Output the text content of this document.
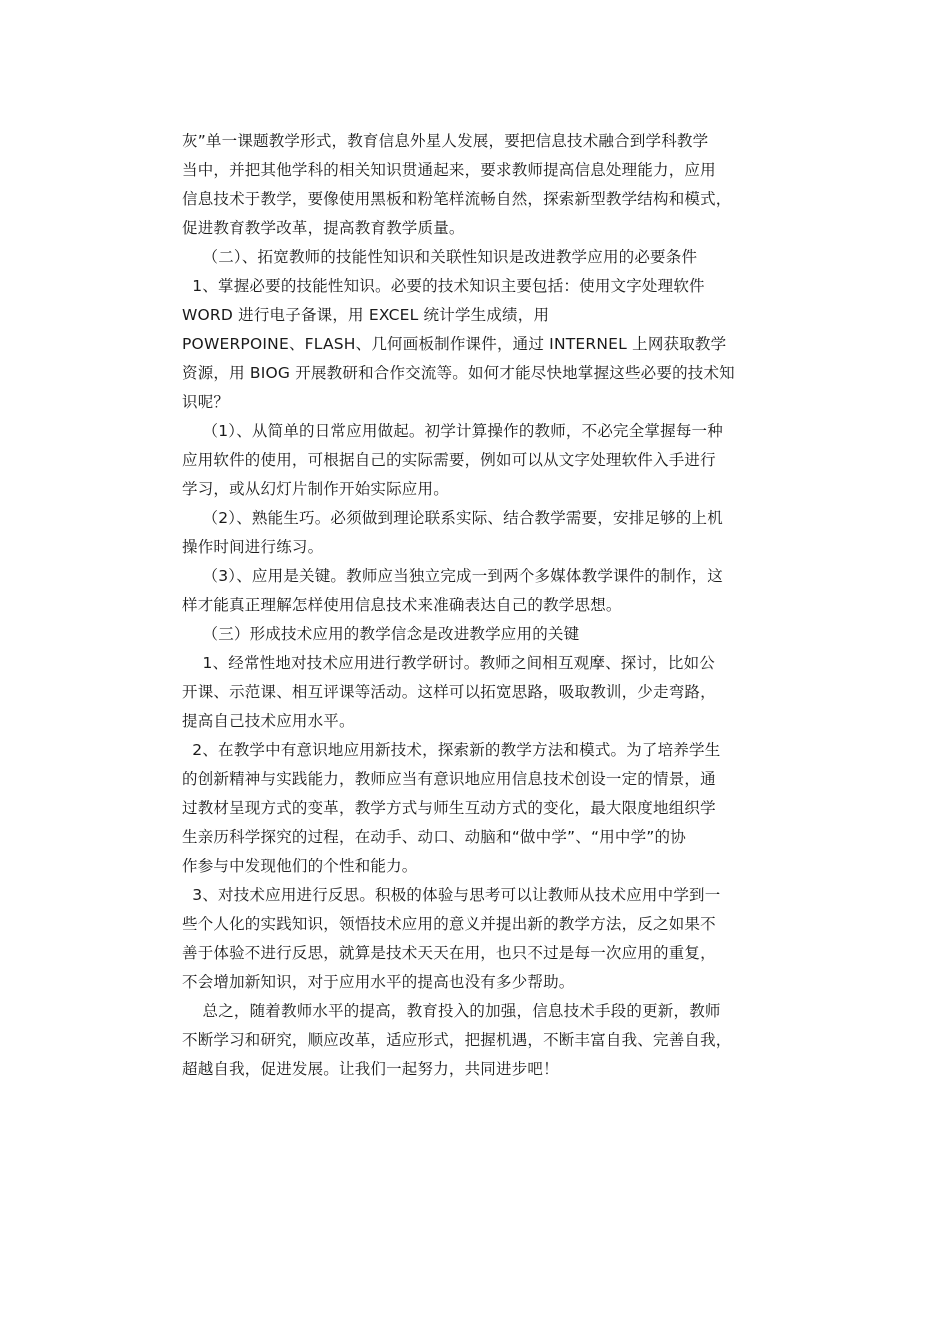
灰”单一课题教学形式，教育信息外星人发展，要把信息技术融合到学科教学
当中，并把其他学科的相关知识贯通起来，要求教师提高信息处理能力，应用
信息技术于教学，要像使用黑板和粉笔样流畅自然，探索新型教学结构和模式，
促进教育教学改革，提高教育教学质量。
（二）、拓宽教师的技能性知识和关联性知识是改进教学应用的必要条件
1、掌握必要的技能性知识。必要的技术知识主要包括：使用文字处理软件
WORD 进行电子备课，用 EXCEL 统计学生成绩，用
POWERPOINE、FLASH、几何画板制作课件，通过 INTERNEL 上网获取教学
资源，用 BIOG 开展教研和合作交流等。如何才能尽快地掌握这些必要的技术知
识呢？
（1）、从简单的日常应用做起。初学计算操作的教师，不必完全掌握每一种
应用软件的使用，可根据自己的实际需要，例如可以从文字处理软件入手进行
学习，或从幻灯片制作开始实际应用。
（2）、熟能生巧。必须做到理论联系实际、结合教学需要，安排足够的上机
操作时间进行练习。
（3）、应用是关键。教师应当独立完成一到两个多媒体教学课件的制作，这
样才能真正理解怎样使用信息技术来准确表达自己的教学思想。
（三）形成技术应用的教学信念是改进教学应用的关键
1、经常性地对技术应用进行教学研讨。教师之间相互观摩、探讨，比如公
开课、示范课、相互评课等活动。这样可以拓宽思路，吸取教训，少走弯路，
提高自己技术应用水平。
2、在教学中有意识地应用新技术，探索新的教学方法和模式。为了培养学生
的创新精神与实践能力，教师应当有意识地应用信息技术创设一定的情景，通
过教材呈现方式的变革，教学方式与师生互动方式的变化，最大限度地组织学
生亲历科学探究的过程，在动手、动口、动脑和“做中学”、“用中学”的协
作参与中发现他们的个性和能力。
3、对技术应用进行反思。积极的体验与思考可以让教师从技术应用中学到一
些个人化的实践知识，领悟技术应用的意义并提出新的教学方法，反之如果不
善于体验不进行反思，就算是技术天天在用，也只不过是每一次应用的重复，
不会增加新知识，对于应用水平的提高也没有多少帮助。
总之，随着教师水平的提高，教育投入的加强，信息技术手段的更新，教师
不断学习和研究，顺应改革，适应形式，把握机遇，不断丰富自我、完善自我，
超越自我，促进发展。让我们一起努力，共同进步吧！
